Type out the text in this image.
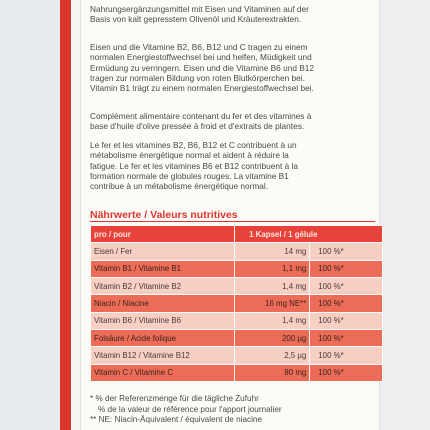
Nahrungsergänzungsmittel mit Eisen und Vitaminen auf der
Basis von kalt gepresstem Olivenöl und Kräuterextrakten.
Eisen und die Vitamine B2, B6, B12 und C tragen zu einem
normalen Energiestoffwechsel bei und helfen, Müdigkeit und
Ermüdung zu verringern. Eisen und die Vitamine B6 und B12
tragen zur normalen Bildung von roten Blutkörperchen bei.
Vitamin B1 trägt zu einem normalen Energiestoffwechsel bei.
Complément alimentaire contenant du fer et des vitamines à
base d'huile d'olive pressée à froid et d'extraits de plantes.
Le fer et les vitamines B2, B6, B12 et C contribuent à un
métabolisme énergétique normal et aident à réduire la
fatigue. Le fer et les vitamines B6 et B12 contribuent à la
formation normale de globules rouges. La vitamine B1
contribue à un métabolisme énergétique normal.
Nährwerte / Valeurs nutritives
pro / pour	1 Kapsel / 1 gélule	
Eisen / Fer	14 mg	100 %*
Vitamin B1 / Vitamine B1	1,1 mg	100 %*
Vitamin B2 / Vitamine B2	1,4 mg	100 %*
Niacin / Niacine	16 mg NE**	100 %*
Vitamin B6 / Vitamine B6	1,4 mg	100 %*
Folsäure / Acide folique	200 µg	100 %*
Vitamin B12 / Vitamine B12	2,5 µg	100 %*
Vitamin C / Vitamine C	80 mg	100 %*
* % der Referenzmenge für die tägliche Zufuhr
% de la valeur de référence pour l'apport journalier
** NE: Niacin-Äquivalent / équivalent de niacine
